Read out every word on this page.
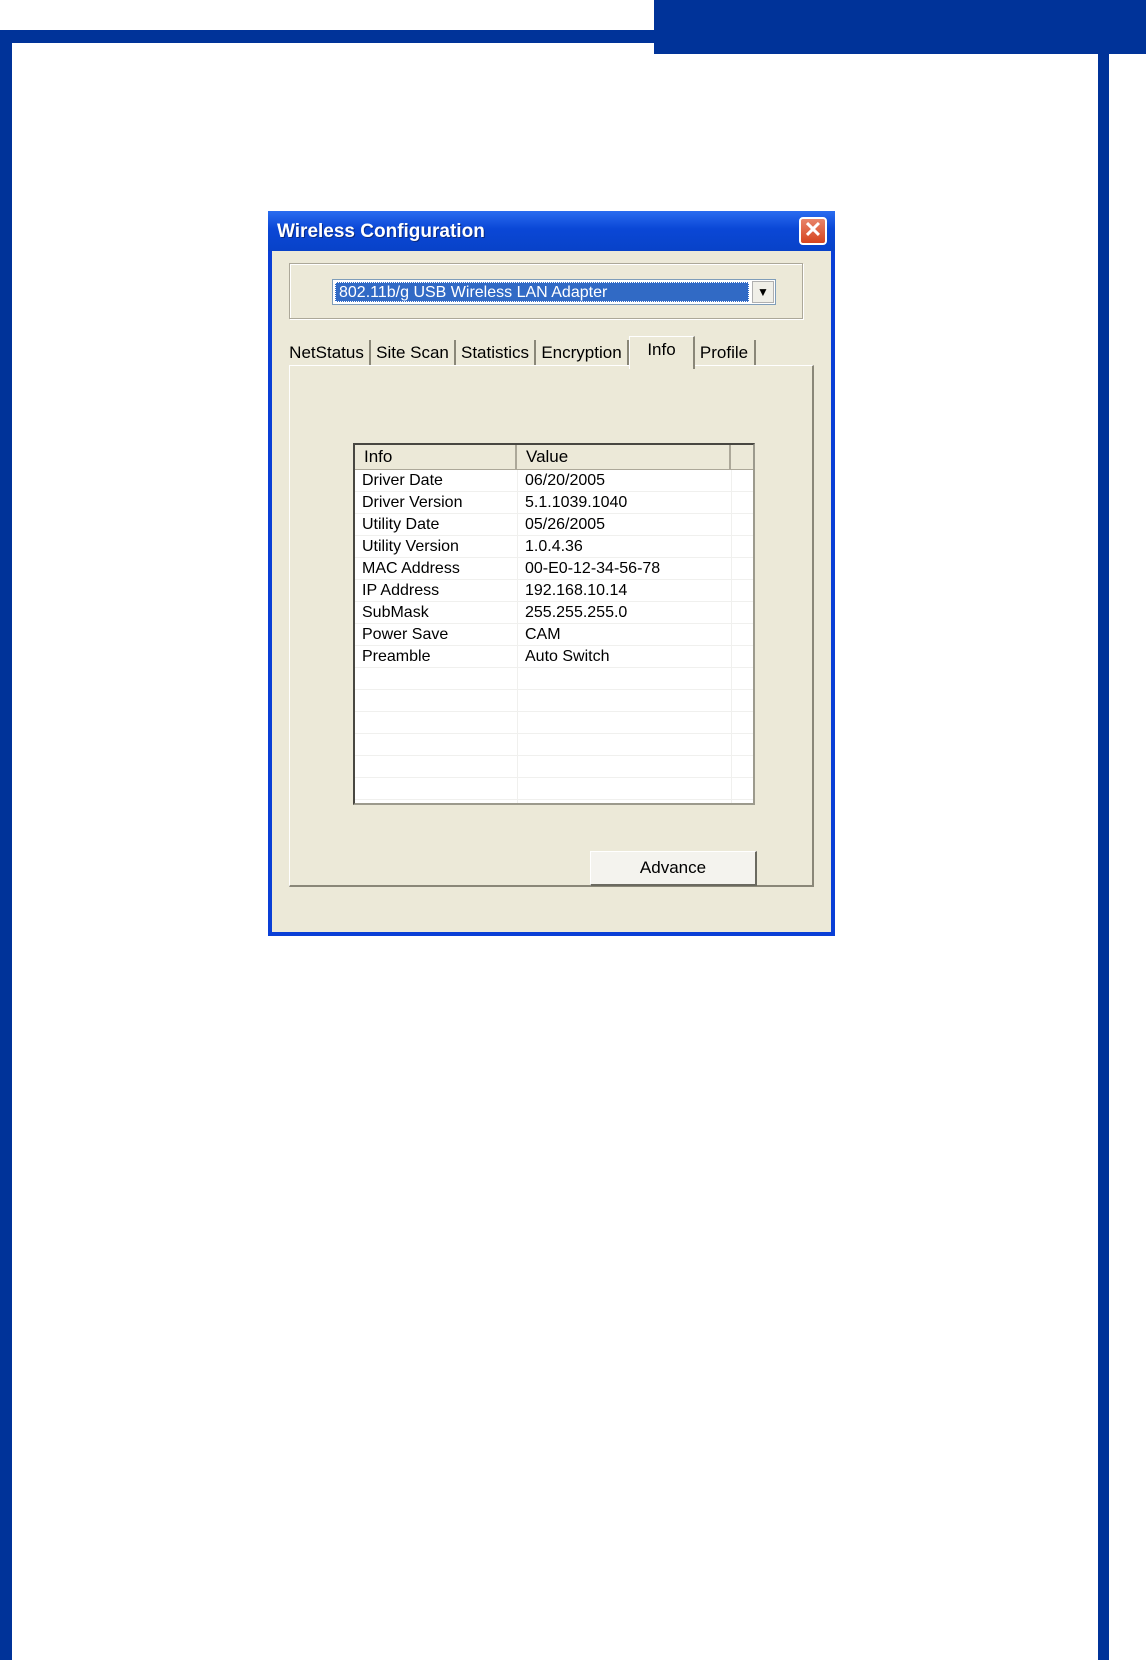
Wireless Configuration	✕
802.11b/g USB Wireless LAN Adapter	▼
NetStatus Site Scan Statistics Encryption	Info	Profile
Info	Value
Driver Date	06/20/2005
Driver Version	5.1.1039.1040
Utility Date	05/26/2005
Utility Version	1.0.4.36
MAC Address	00-E0-12-34-56-78
IP Address	192.168.10.14
SubMask	255.255.255.0
Power Save	CAM
Preamble	Auto Switch
Advance
